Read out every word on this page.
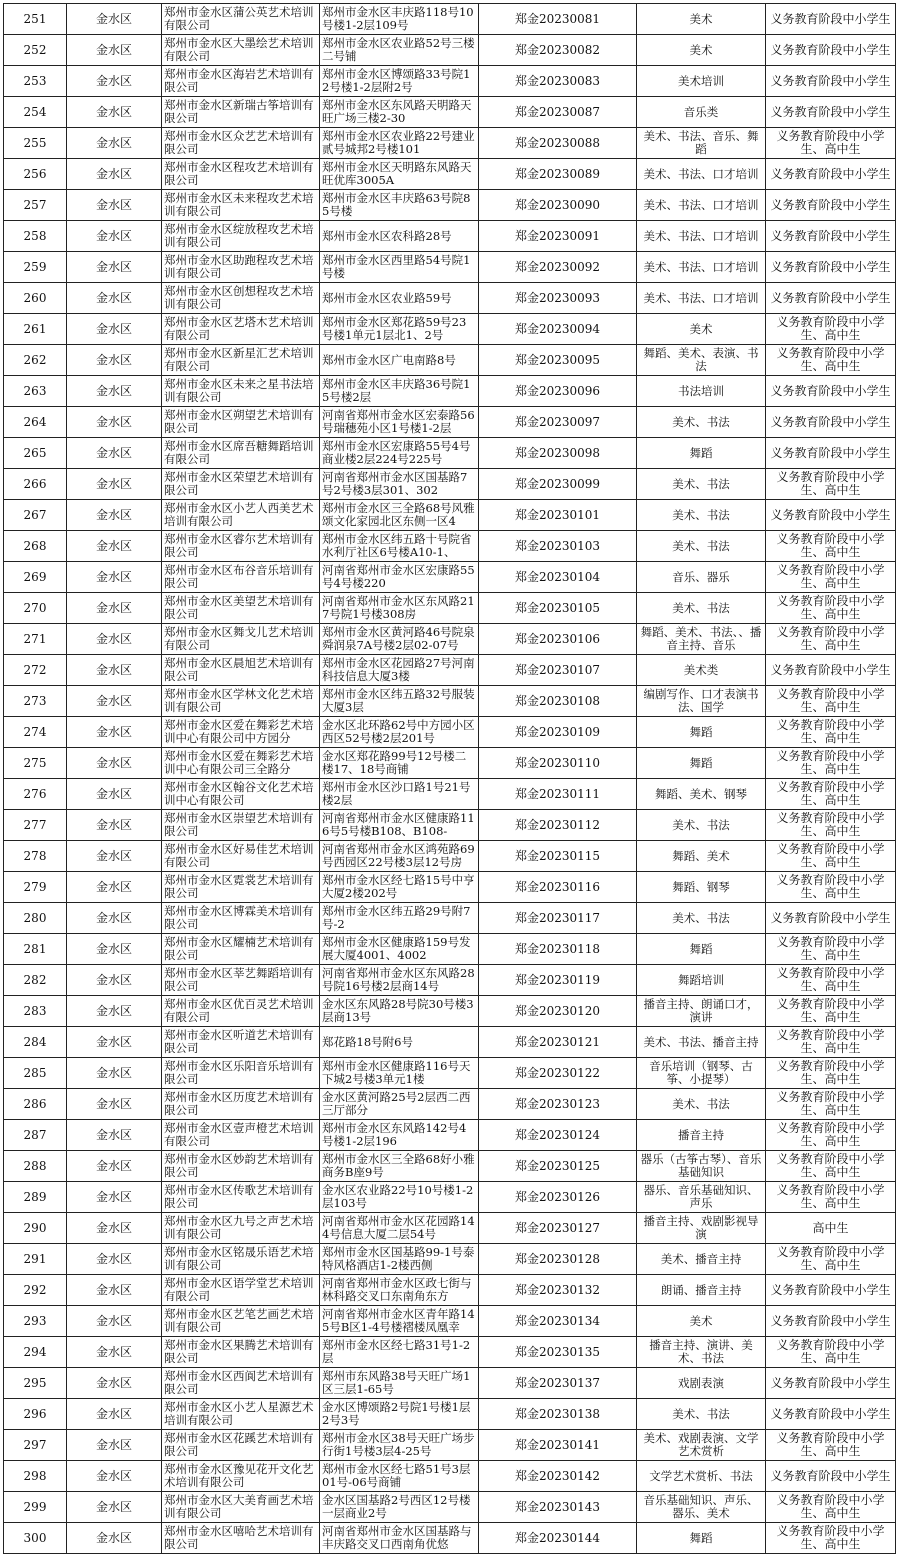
251	金水区	郑州市金水区蒲公英艺术培训有限公司	郑州市金水区丰庆路118号10号楼1-2层109号	郑金20230081	美术	义务教育阶段中小学生
252	金水区	郑州市金水区大墨绘艺术培训有限公司	郑州市金水区农业路52号三楼二号铺	郑金20230082	美术	义务教育阶段中小学生
253	金水区	郑州市金水区海岩艺术培训有限公司	郑州市金水区博颂路33号院12号楼1-2层附2号	郑金20230083	美术培训	义务教育阶段中小学生
254	金水区	郑州市金水区新瑞古筝培训有限公司	郑州市金水区东风路天明路天旺广场三楼2-30	郑金20230087	音乐类	义务教育阶段中小学生
255	金水区	郑州市金水区众艺艺术培训有限公司	郑州市金水区农业路22号建业贰号城邦2号楼101	郑金20230088	美术、书法、音乐、舞蹈	义务教育阶段中小学生、高中生
256	金水区	郑州市金水区程攻艺术培训有限公司	郑州市金水区天明路东风路天旺优库3005A	郑金20230089	美术、书法、口才培训	义务教育阶段中小学生
257	金水区	郑州市金水区未来程攻艺术培训有限公司	郑州市金水区丰庆路63号院85号楼	郑金20230090	美术、书法、口才培训	义务教育阶段中小学生
258	金水区	郑州市金水区绽放程攻艺术培训有限公司	郑州市金水区农科路28号	郑金20230091	美术、书法、口才培训	义务教育阶段中小学生
259	金水区	郑州市金水区助跑程攻艺术培训有限公司	郑州市金水区西里路54号院1号楼	郑金20230092	美术、书法、口才培训	义务教育阶段中小学生
260	金水区	郑州市金水区创想程攻艺术培训有限公司	郑州市金水区农业路59号	郑金20230093	美术、书法、口才培训	义务教育阶段中小学生
261	金水区	郑州市金水区艺塔木艺术培训有限公司	郑州市金水区郑花路59号23号楼1单元1层北1、2号	郑金20230094	美术	义务教育阶段中小学生、高中生
262	金水区	郑州市金水区新星汇艺术培训有限公司	郑州市金水区广电南路8号	郑金20230095	舞蹈、美术、表演、书法	义务教育阶段中小学生、高中生
263	金水区	郑州市金水区未来之星书法培训有限公司	郑州市金水区丰庆路36号院15号楼2层	郑金20230096	书法培训	义务教育阶段中小学生
264	金水区	郑州市金水区朔望艺术培训有限公司	河南省郑州市金水区宏泰路56号瑞穗苑小区1号楼1-2层	郑金20230097	美术、书法	义务教育阶段中小学生
265	金水区	郑州市金水区席吾糖舞蹈培训有限公司	郑州市金水区宏康路55号4号商业楼2层224号225号	郑金20230098	舞蹈	义务教育阶段中小学生
266	金水区	郑州市金水区荣望艺术培训有限公司	河南省郑州市金水区国基路7号2号楼3层301、302	郑金20230099	美术、书法	义务教育阶段中小学生、高中生
267	金水区	郑州市金水区小艺人西美艺术培训有限公司	郑州市金水区三全路68号风雅颂文化家园北区东侧一区4	郑金20230101	美术、书法	义务教育阶段中小学生
268	金水区	郑州市金水区睿尔艺术培训有限公司	郑州市金水区纬五路十号院省水利厅社区6号楼A10-1、	郑金20230103	美术、书法	义务教育阶段中小学生、高中生
269	金水区	郑州市金水区布谷音乐培训有限公司	河南省郑州市金水区宏康路55号4号楼220	郑金20230104	音乐、器乐	义务教育阶段中小学生、高中生
270	金水区	郑州市金水区美望艺术培训有限公司	河南省郑州市金水区东风路217号院1号楼308房	郑金20230105	美术、书法	义务教育阶段中小学生、高中生
271	金水区	郑州市金水区舞戈儿艺术培训有限公司	郑州市金水区黄河路46号院泉舜润泉7A号楼2层02-07号	郑金20230106	舞蹈、美术、书法、、播音主持、音乐	义务教育阶段中小学生、高中生
272	金水区	郑州市金水区晨旭艺术培训有限公司	郑州市金水区花园路27号河南科技信息大厦3楼	郑金20230107	美术类	义务教育阶段中小学生
273	金水区	郑州市金水区学林文化艺术培训有限公司	郑州市金水区纬五路32号服装大厦3层	郑金20230108	编剧写作、口才表演书法、国学	义务教育阶段中小学生、高中生
274	金水区	郑州市金水区爱在舞彩艺术培训中心有限公司中方园分	金水区北环路62号中方园小区西区52号楼2层201号	郑金20230109	舞蹈	义务教育阶段中小学生、高中生
275	金水区	郑州市金水区爱在舞彩艺术培训中心有限公司三全路分	金水区郑花路99号12号楼二楼17、18号商铺	郑金20230110	舞蹈	义务教育阶段中小学生、高中生
276	金水区	郑州市金水区翰谷文化艺术培训中心有限公司	郑州市金水区沙口路1号21号楼2层	郑金20230111	舞蹈、美术、钢琴	义务教育阶段中小学生、高中生
277	金水区	郑州市金水区崇望艺术培训有限公司	河南省郑州市金水区健康路116号5号楼B108、B108-	郑金20230112	美术、书法	义务教育阶段中小学生、高中生
278	金水区	郑州市金水区好易佳艺术培训有限公司	河南省郑州市金水区鸿苑路69号西园区22号楼3层12号房	郑金20230115	舞蹈、美术	义务教育阶段中小学生、高中生
279	金水区	郑州市金水区霓裳艺术培训有限公司	郑州市金水区经七路15号中亨大厦2楼202号	郑金20230116	舞蹈、钢琴	义务教育阶段中小学生、高中生
280	金水区	郑州市金水区博霖美术培训有限公司	郑州市金水区纬五路29号附7号-2	郑金20230117	美术、书法	义务教育阶段中小学生
281	金水区	郑州市金水区耀楠艺术培训有限公司	郑州市金水区健康路159号发展大厦4001、4002	郑金20230118	舞蹈	义务教育阶段中小学生、高中生
282	金水区	郑州市金水区莘艺舞蹈培训有限公司	河南省郑州市金水区东风路28号院16号楼2层商14号	郑金20230119	舞蹈培训	义务教育阶段中小学生、高中生
283	金水区	郑州市金水区优百灵艺术培训有限公司	金水区东风路28号院30号楼3层商13号	郑金20230120	播音主持、朗诵口才，演讲	义务教育阶段中小学生、高中生
284	金水区	郑州市金水区听道艺术培训有限公司	郑花路18号附6号	郑金20230121	美术、书法、播音主持	义务教育阶段中小学生、高中生
285	金水区	郑州市金水区乐阳音乐培训有限公司	郑州市金水区健康路116号天下城2号楼3单元1楼	郑金20230122	音乐培训（钢琴、古筝、小提琴）	义务教育阶段中小学生、高中生
286	金水区	郑州市金水区历度艺术培训有限公司	金水区黄河路25号2层西二西三厅部分	郑金20230123	美术、书法	义务教育阶段中小学生、高中生
287	金水区	郑州市金水区壹声橙艺术培训有限公司	郑州市金水区东风路142号4号楼1-2层196	郑金20230124	播音主持	义务教育阶段中小学生、高中生
288	金水区	郑州市金水区妙韵艺术培训有限公司	郑州市金水区三全路68好小雅商务B座9号	郑金20230125	器乐（古筝古琴）、音乐基础知识	义务教育阶段中小学生、高中生
289	金水区	郑州市金水区传歌艺术培训有限公司	金水区农业路22号10号楼1-2层103号	郑金20230126	器乐、音乐基础知识、声乐	义务教育阶段中小学生、高中生
290	金水区	郑州市金水区九号之声艺术培训有限公司	河南省郑州市金水区花园路144号信息大厦二层54号	郑金20230127	播音主持、戏剧影视导演	高中生
291	金水区	郑州市金水区铭晟乐语艺术培训有限公司	郑州市金水区国基路99-1号泰特风格酒店1-2楼西侧	郑金20230128	美术、播音主持	义务教育阶段中小学生、高中生
292	金水区	郑州市金水区语学堂艺术培训有限公司	河南省郑州市金水区政七街与林科路交叉口东南角东方	郑金20230132	朗诵、播音主持	义务教育阶段中小学生
293	金水区	郑州市金水区艺笔艺画艺术培训有限公司	河南省郑州市金水区青年路145号B区1-4号楼褶楼凤凰幸	郑金20230134	美术	义务教育阶段中小学生
294	金水区	郑州市金水区果腾艺术培训有限公司	郑州市金水区经七路31号1-2层	郑金20230135	播音主持、演讲、美术、书法	义务教育阶段中小学生、高中生
295	金水区	郑州市金水区西阆艺术培训有限公司	郑州市东风路38号天旺广场1区三层1-65号	郑金20230137	戏剧表演	义务教育阶段中小学生
296	金水区	郑州市金水区小艺人星源艺术培训有限公司	金水区博颂路2号院1号楼1层2号3号	郑金20230138	美术、书法	义务教育阶段中小学生
297	金水区	郑州市金水区花蹊艺术培训有限公司	郑州市金水区38号天旺广场步行街1号楼3层4-25号	郑金20230141	美术、戏剧表演、文学艺术赏析	义务教育阶段中小学生、高中生
298	金水区	郑州市金水区豫见花开文化艺术培训有限公司	郑州市金水区经七路51号3层01号-06号商铺	郑金20230142	文学艺术赏析、书法	义务教育阶段中小学生
299	金水区	郑州市金水区大美育画艺术培训有限公司	金水区国基路2号西区12号楼一层商业2号	郑金20230143	音乐基础知识、声乐、器乐、美术	义务教育阶段中小学生、高中生
300	金水区	郑州市金水区嘻哈艺术培训有限公司	河南省郑州市金水区国基路与丰庆路交叉口西南角优悠	郑金20230144	舞蹈	义务教育阶段中小学生、高中生
